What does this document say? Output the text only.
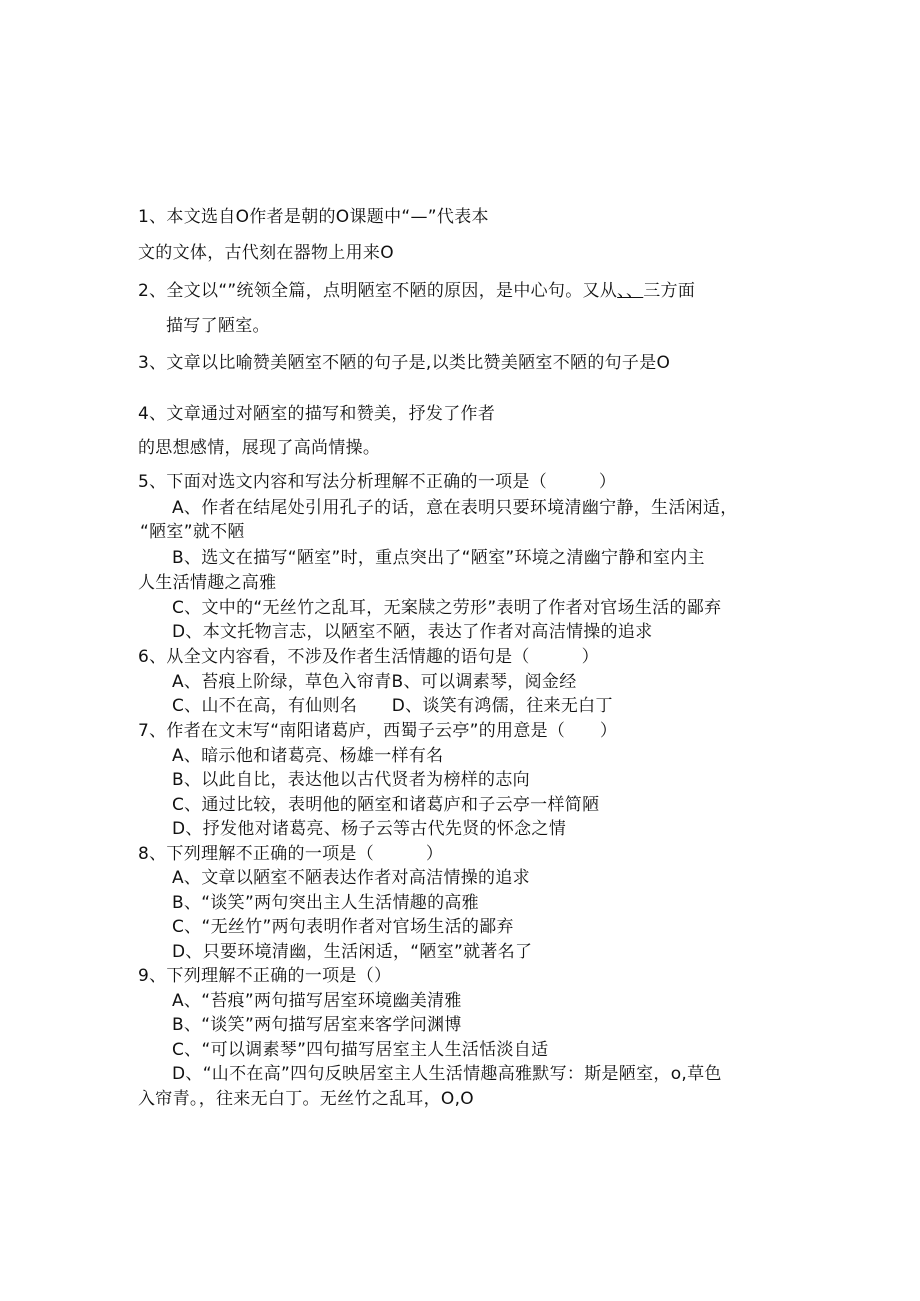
1、本文选自O作者是朝的O课题中“—”代表本
文的文体，古代刻在器物上用来O
2、全文以“”统领全篇，点明陋室不陋的原因，是中心句。又从、、三方面
描写了陋室。
3、文章以比喻赞美陋室不陋的句子是,以类比赞美陋室不陋的句子是O
4、文章通过对陋室的描写和赞美，抒发了作者
的思想感情，展现了高尚情操。
5、下面对选文内容和写法分析理解不正确的一项是（　　　）
A、作者在结尾处引用孔子的话，意在表明只要环境清幽宁静，生活闲适，
“陋室”就不陋
B、选文在描写“陋室”时，重点突出了“陋室”环境之清幽宁静和室内主
人生活情趣之高雅
C、文中的“无丝竹之乱耳，无案牍之劳形”表明了作者对官场生活的鄙弃
D、本文托物言志，以陋室不陋，表达了作者对高洁情操的追求
6、从全文内容看，不涉及作者生活情趣的语句是（　　　）
A、苔痕上阶绿，草色入帘青B、可以调素琴，阅金经
C、山不在高，有仙则名　　D、谈笑有鸿儒，往来无白丁
7、作者在文末写“南阳诸葛庐，西蜀子云亭”的用意是（　　）
A、暗示他和诸葛亮、杨雄一样有名
B、以此自比，表达他以古代贤者为榜样的志向
C、通过比较，表明他的陋室和诸葛庐和子云亭一样简陋
D、抒发他对诸葛亮、杨子云等古代先贤的怀念之情
8、下列理解不正确的一项是（　　　）
A、文章以陋室不陋表达作者对高洁情操的追求
B、“谈笑”两句突出主人生活情趣的高雅
C、“无丝竹”两句表明作者对官场生活的鄙弃
D、只要环境清幽，生活闲适，“陋室”就著名了
9、下列理解不正确的一项是（）
A、“苔痕”两句描写居室环境幽美清雅
B、“谈笑”两句描写居室来客学问渊博
C、“可以调素琴”四句描写居室主人生活恬淡自适
D、“山不在高”四句反映居室主人生活情趣高雅默写：斯是陋室，o,草色
入帘青。，往来无白丁。无丝竹之乱耳，O,O
